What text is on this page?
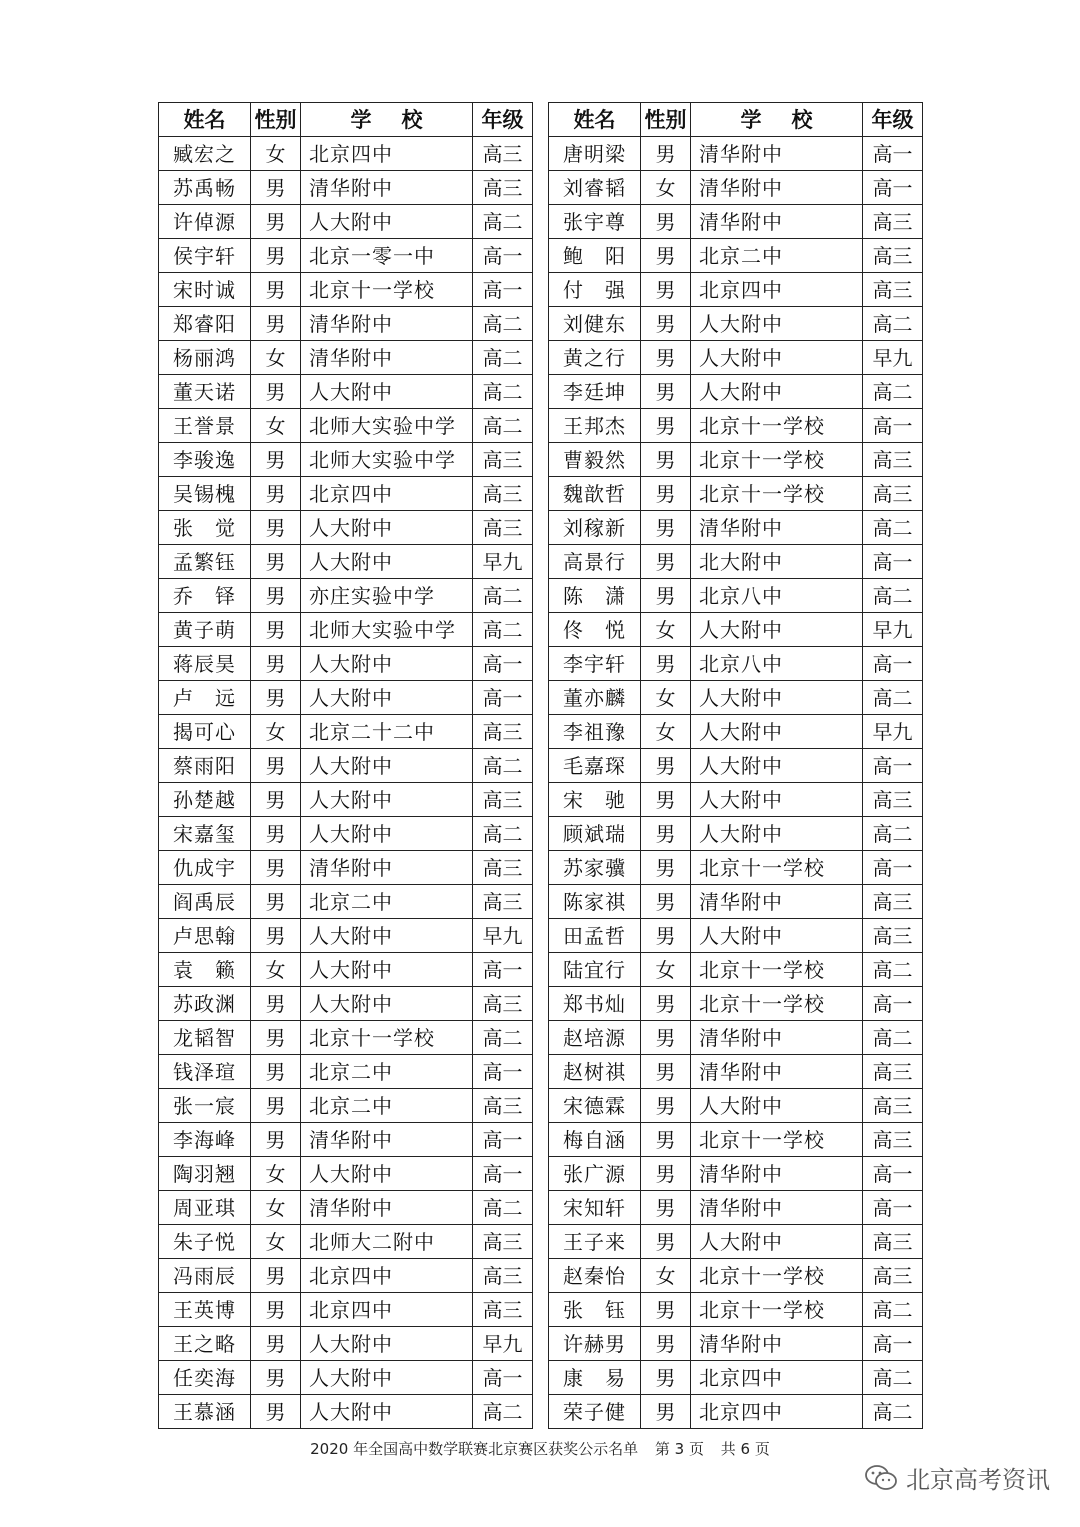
姓名	性别	学校	年级
臧宏之	女	北京四中	高三
苏禹畅	男	清华附中	高三
许倬源	男	人大附中	高二
侯宇轩	男	北京一零一中	高一
宋时诚	男	北京十一学校	高一
郑睿阳	男	清华附中	高二
杨丽鸿	女	清华附中	高二
董天诺	男	人大附中	高二
王誉景	女	北师大实验中学	高二
李骏逸	男	北师大实验中学	高三
吴锡槐	男	北京四中	高三
张　觉	男	人大附中	高三
孟繁钰	男	人大附中	早九
乔　铎	男	亦庄实验中学	高二
黄子萌	男	北师大实验中学	高二
蒋辰昊	男	人大附中	高一
卢　远	男	人大附中	高一
揭可心	女	北京二十二中	高三
蔡雨阳	男	人大附中	高二
孙楚越	男	人大附中	高三
宋嘉玺	男	人大附中	高二
仇成宇	男	清华附中	高三
阎禹辰	男	北京二中	高三
卢思翰	男	人大附中	早九
袁　籁	女	人大附中	高一
苏政渊	男	人大附中	高三
龙韬智	男	北京十一学校	高二
钱泽瑄	男	北京二中	高一
张一宸	男	北京二中	高三
李海峰	男	清华附中	高一
陶羽翘	女	人大附中	高一
周亚琪	女	清华附中	高二
朱子悦	女	北师大二附中	高三
冯雨辰	男	北京四中	高三
王英博	男	北京四中	高三
王之略	男	人大附中	早九
任奕海	男	人大附中	高一
王慕涵	男	人大附中	高二
姓名	性别	学校	年级
唐明梁	男	清华附中	高一
刘睿韬	女	清华附中	高一
张宇尊	男	清华附中	高三
鲍　阳	男	北京二中	高三
付　强	男	北京四中	高三
刘健东	男	人大附中	高二
黄之行	男	人大附中	早九
李廷坤	男	人大附中	高二
王邦杰	男	北京十一学校	高一
曹毅然	男	北京十一学校	高三
魏歆哲	男	北京十一学校	高三
刘稼新	男	清华附中	高二
高景行	男	北大附中	高一
陈　潇	男	北京八中	高二
佟　悦	女	人大附中	早九
李宇轩	男	北京八中	高一
董亦麟	女	人大附中	高二
李祖豫	女	人大附中	早九
毛嘉琛	男	人大附中	高一
宋　驰	男	人大附中	高三
顾斌瑞	男	人大附中	高二
苏家骥	男	北京十一学校	高一
陈家祺	男	清华附中	高三
田孟哲	男	人大附中	高三
陆宜行	女	北京十一学校	高二
郑书灿	男	北京十一学校	高一
赵培源	男	清华附中	高二
赵树祺	男	清华附中	高三
宋德霖	男	人大附中	高三
梅自涵	男	北京十一学校	高三
张广源	男	清华附中	高一
宋知轩	男	清华附中	高一
王子来	男	人大附中	高三
赵秦怡	女	北京十一学校	高三
张　钰	男	北京十一学校	高二
许赫男	男	清华附中	高一
康　易	男	北京四中	高二
荣子健	男	北京四中	高二
2020 年全国高中数学联赛北京赛区获奖公示名单 第 3 页 共 6 页
北京高考资讯
